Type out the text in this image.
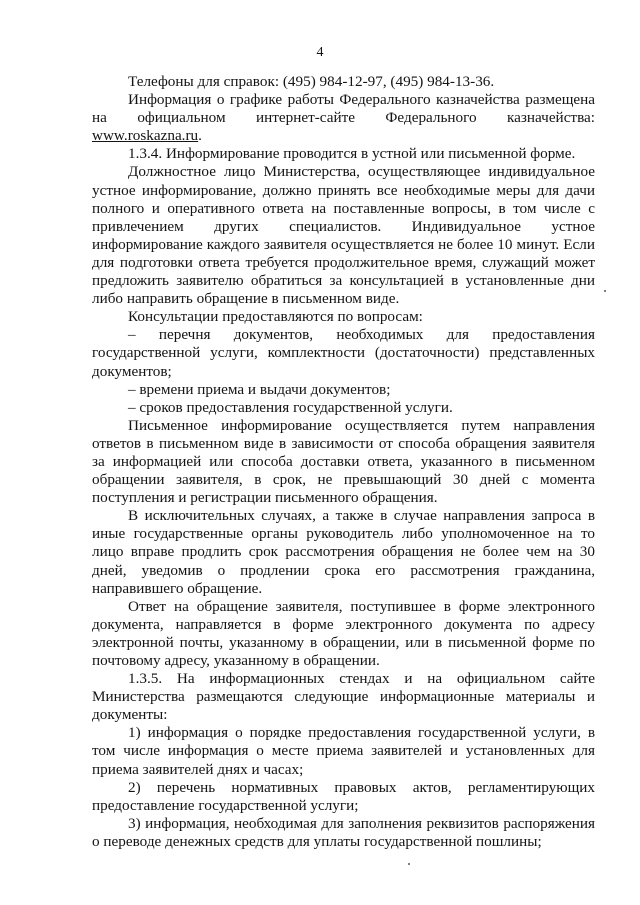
4

Телефоны для справок: (495) 984-12-97, (495) 984-13-36.

Информация о графике работы Федерального казначейства размещена на официальном интернет-сайте Федерального казначейства: www.roskazna.ru.

1.3.4. Информирование проводится в устной или письменной форме.

Должностное лицо Министерства, осуществляющее индивидуальное устное информирование, должно принять все необходимые меры для дачи полного и оперативного ответа на поставленные вопросы, в том числе с привлечением других специалистов. Индивидуальное устное информирование каждого заявителя осуществляется не более 10 минут. Если для подготовки ответа требуется продолжительное время, служащий может предложить заявителю обратиться за консультацией в установленные дни либо направить обращение в письменном виде.

Консультации предоставляются по вопросам:

– перечня документов, необходимых для предоставления государственной услуги, комплектности (достаточности) представленных документов;

– времени приема и выдачи документов;

– сроков предоставления государственной услуги.

Письменное информирование осуществляется путем направления ответов в письменном виде в зависимости от способа обращения заявителя за информацией или способа доставки ответа, указанного в письменном обращении заявителя, в срок, не превышающий 30 дней с момента поступления и регистрации письменного обращения.

В исключительных случаях, а также в случае направления запроса в иные государственные органы руководитель либо уполномоченное на то лицо вправе продлить срок рассмотрения обращения не более чем на 30 дней, уведомив о продлении срока его рассмотрения гражданина, направившего обращение.

Ответ на обращение заявителя, поступившее в форме электронного документа, направляется в форме электронного документа по адресу электронной почты, указанному в обращении, или в письменной форме по почтовому адресу, указанному в обращении.

1.3.5. На информационных стендах и на официальном сайте Министерства размещаются следующие информационные материалы и документы:

1) информация о порядке предоставления государственной услуги, в том числе информация о месте приема заявителей и установленных для приема заявителей днях и часах;

2) перечень нормативных правовых актов, регламентирующих предоставление государственной услуги;

3) информация, необходимая для заполнения реквизитов распоряжения о переводе денежных средств для уплаты государственной пошлины;
